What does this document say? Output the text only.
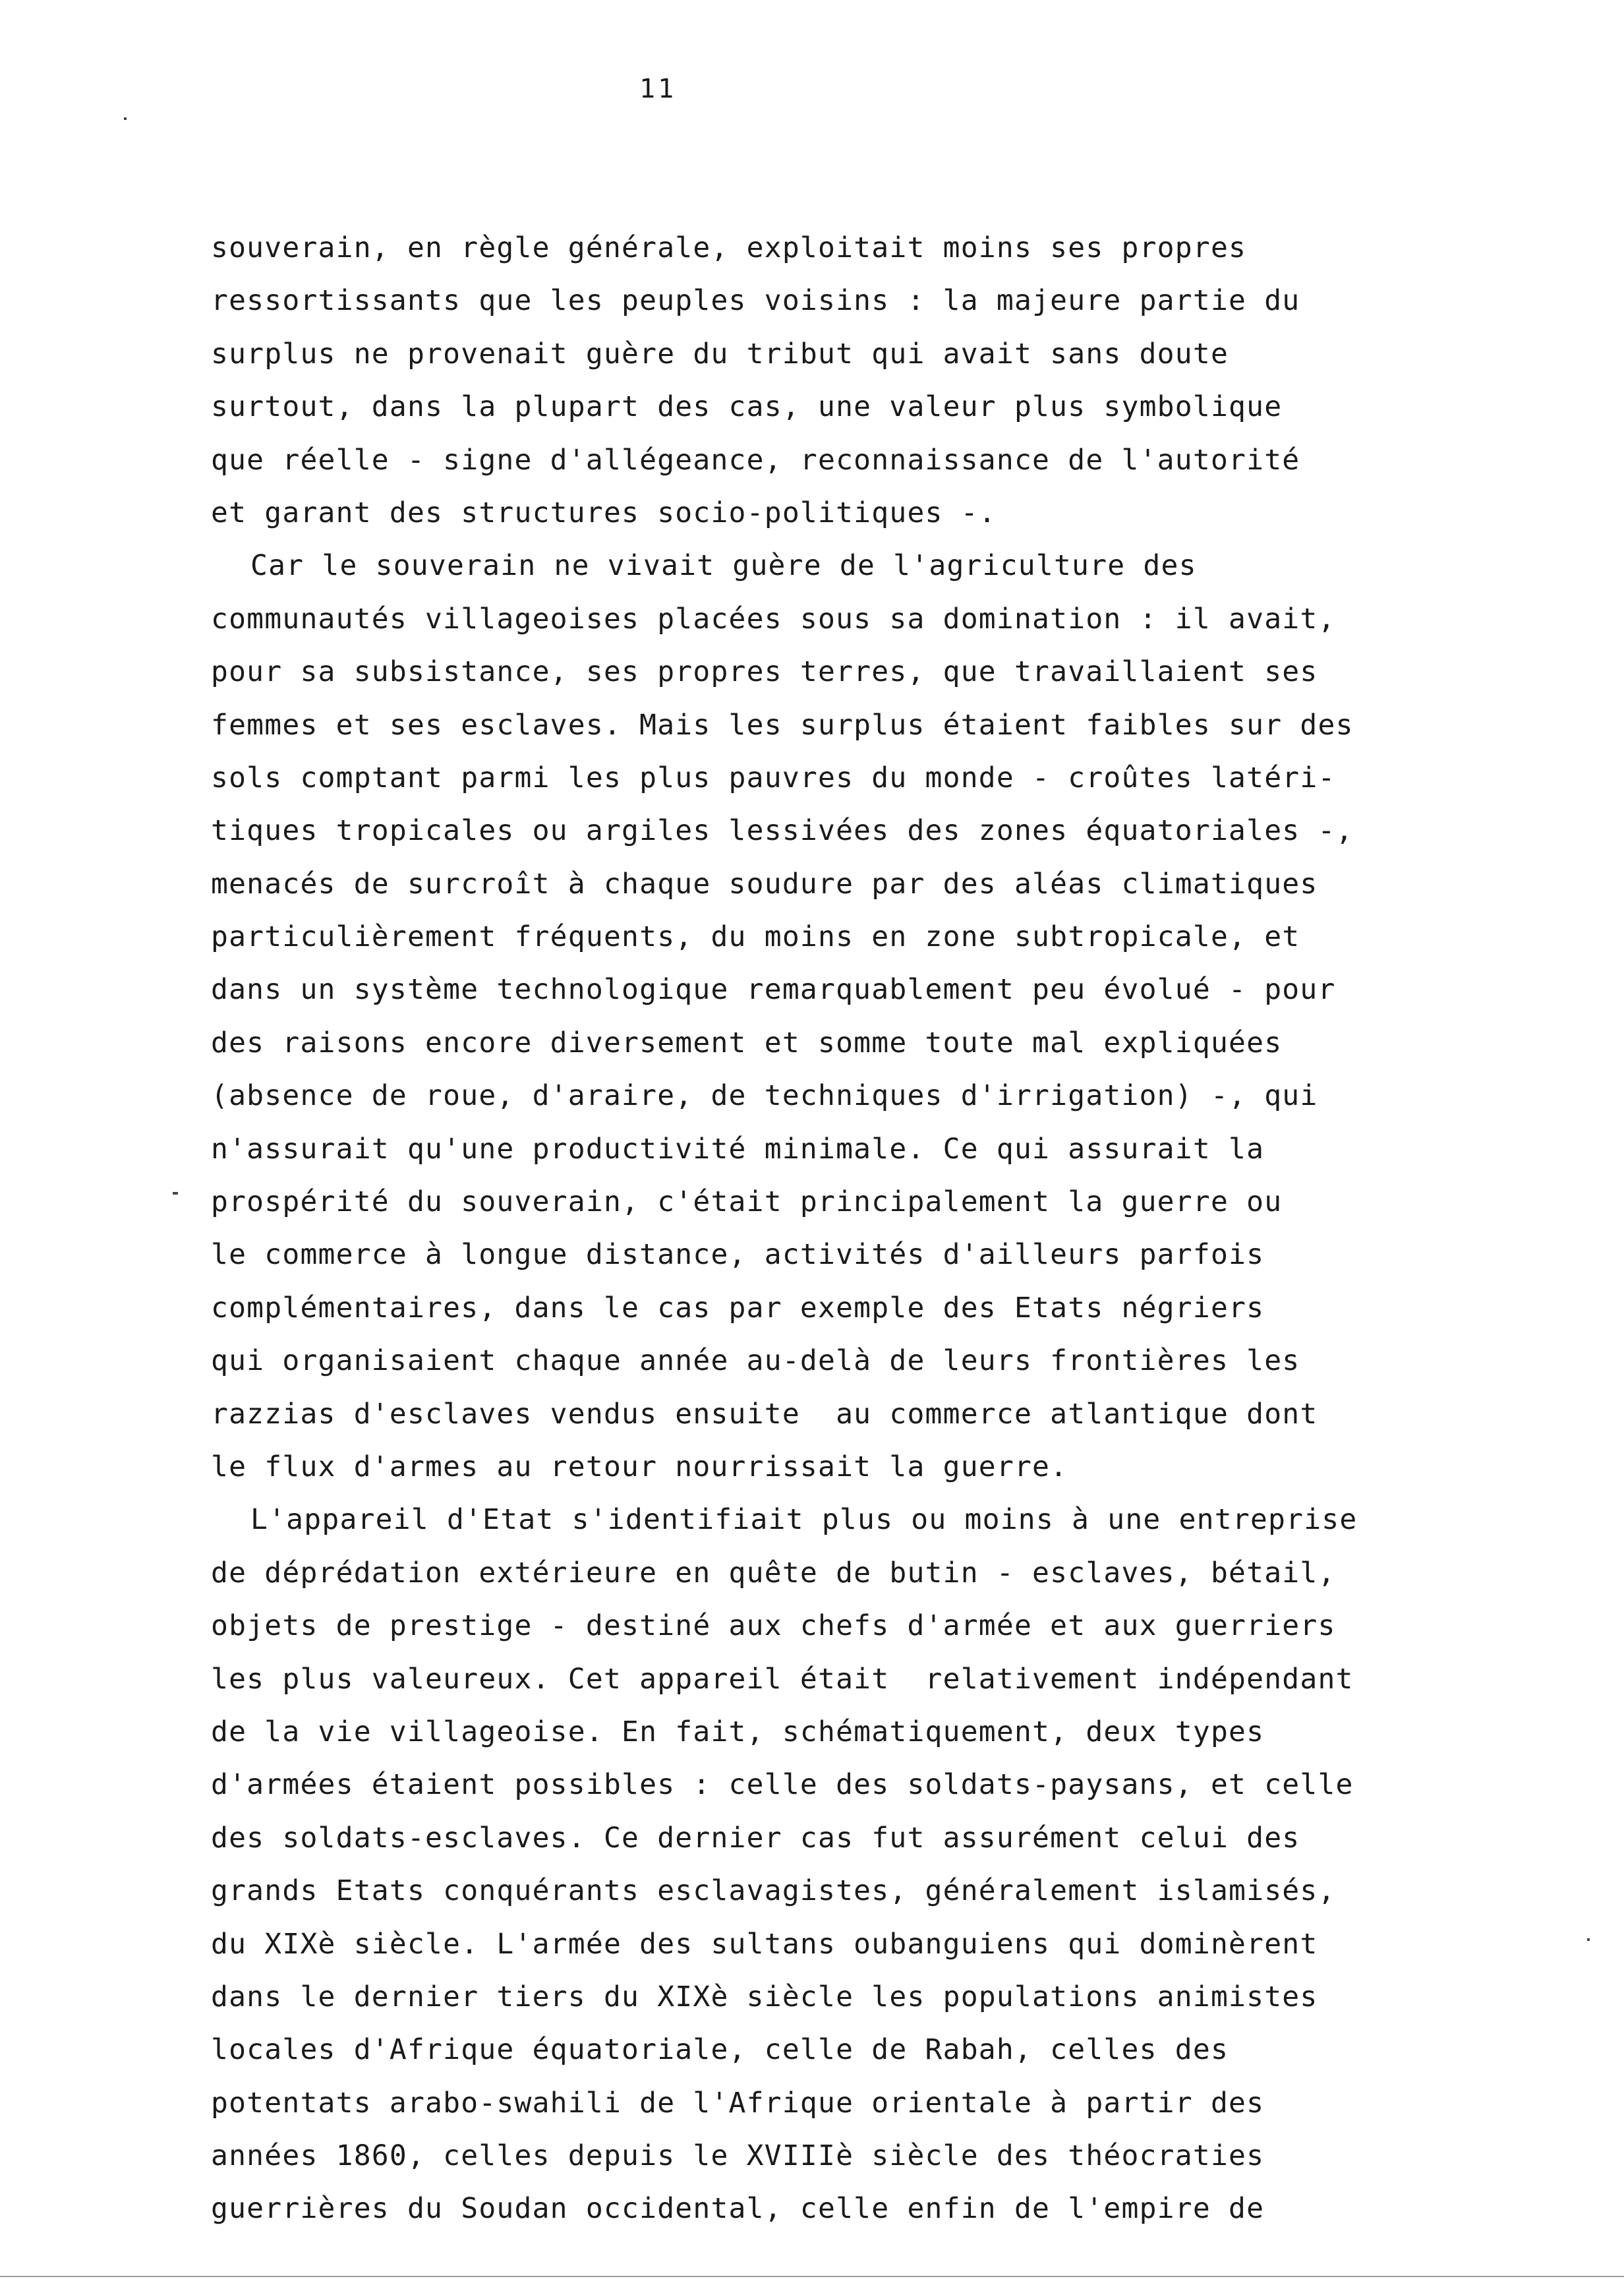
11
souverain, en règle générale, exploitait moins ses propres
ressortissants que les peuples voisins : la majeure partie du
surplus ne provenait guère du tribut qui avait sans doute
surtout, dans la plupart des cas, une valeur plus symbolique
que réelle - signe d'allégeance, reconnaissance de l'autorité
et garant des structures socio-politiques -.
Car le souverain ne vivait guère de l'agriculture des
communautés villageoises placées sous sa domination : il avait,
pour sa subsistance, ses propres terres, que travaillaient ses
femmes et ses esclaves. Mais les surplus étaient faibles sur des
sols comptant parmi les plus pauvres du monde - croûtes latéri-
tiques tropicales ou argiles lessivées des zones équatoriales -,
menacés de surcroît à chaque soudure par des aléas climatiques
particulièrement fréquents, du moins en zone subtropicale, et
dans un système technologique remarquablement peu évolué - pour
des raisons encore diversement et somme toute mal expliquées
(absence de roue, d'araire, de techniques d'irrigation) -, qui
n'assurait qu'une productivité minimale. Ce qui assurait la
prospérité du souverain, c'était principalement la guerre ou
le commerce à longue distance, activités d'ailleurs parfois
complémentaires, dans le cas par exemple des Etats négriers
qui organisaient chaque année au-delà de leurs frontières les
razzias d'esclaves vendus ensuite  au commerce atlantique dont
le flux d'armes au retour nourrissait la guerre.
L'appareil d'Etat s'identifiait plus ou moins à une entreprise
de déprédation extérieure en quête de butin - esclaves, bétail,
objets de prestige - destiné aux chefs d'armée et aux guerriers
les plus valeureux. Cet appareil était  relativement indépendant
de la vie villageoise. En fait, schématiquement, deux types
d'armées étaient possibles : celle des soldats-paysans, et celle
des soldats-esclaves. Ce dernier cas fut assurément celui des
grands Etats conquérants esclavagistes, généralement islamisés,
du XIXè siècle. L'armée des sultans oubanguiens qui dominèrent
dans le dernier tiers du XIXè siècle les populations animistes
locales d'Afrique équatoriale, celle de Rabah, celles des
potentats arabo-swahili de l'Afrique orientale à partir des
années 1860, celles depuis le XVIIIè siècle des théocraties
guerrières du Soudan occidental, celle enfin de l'empire de
